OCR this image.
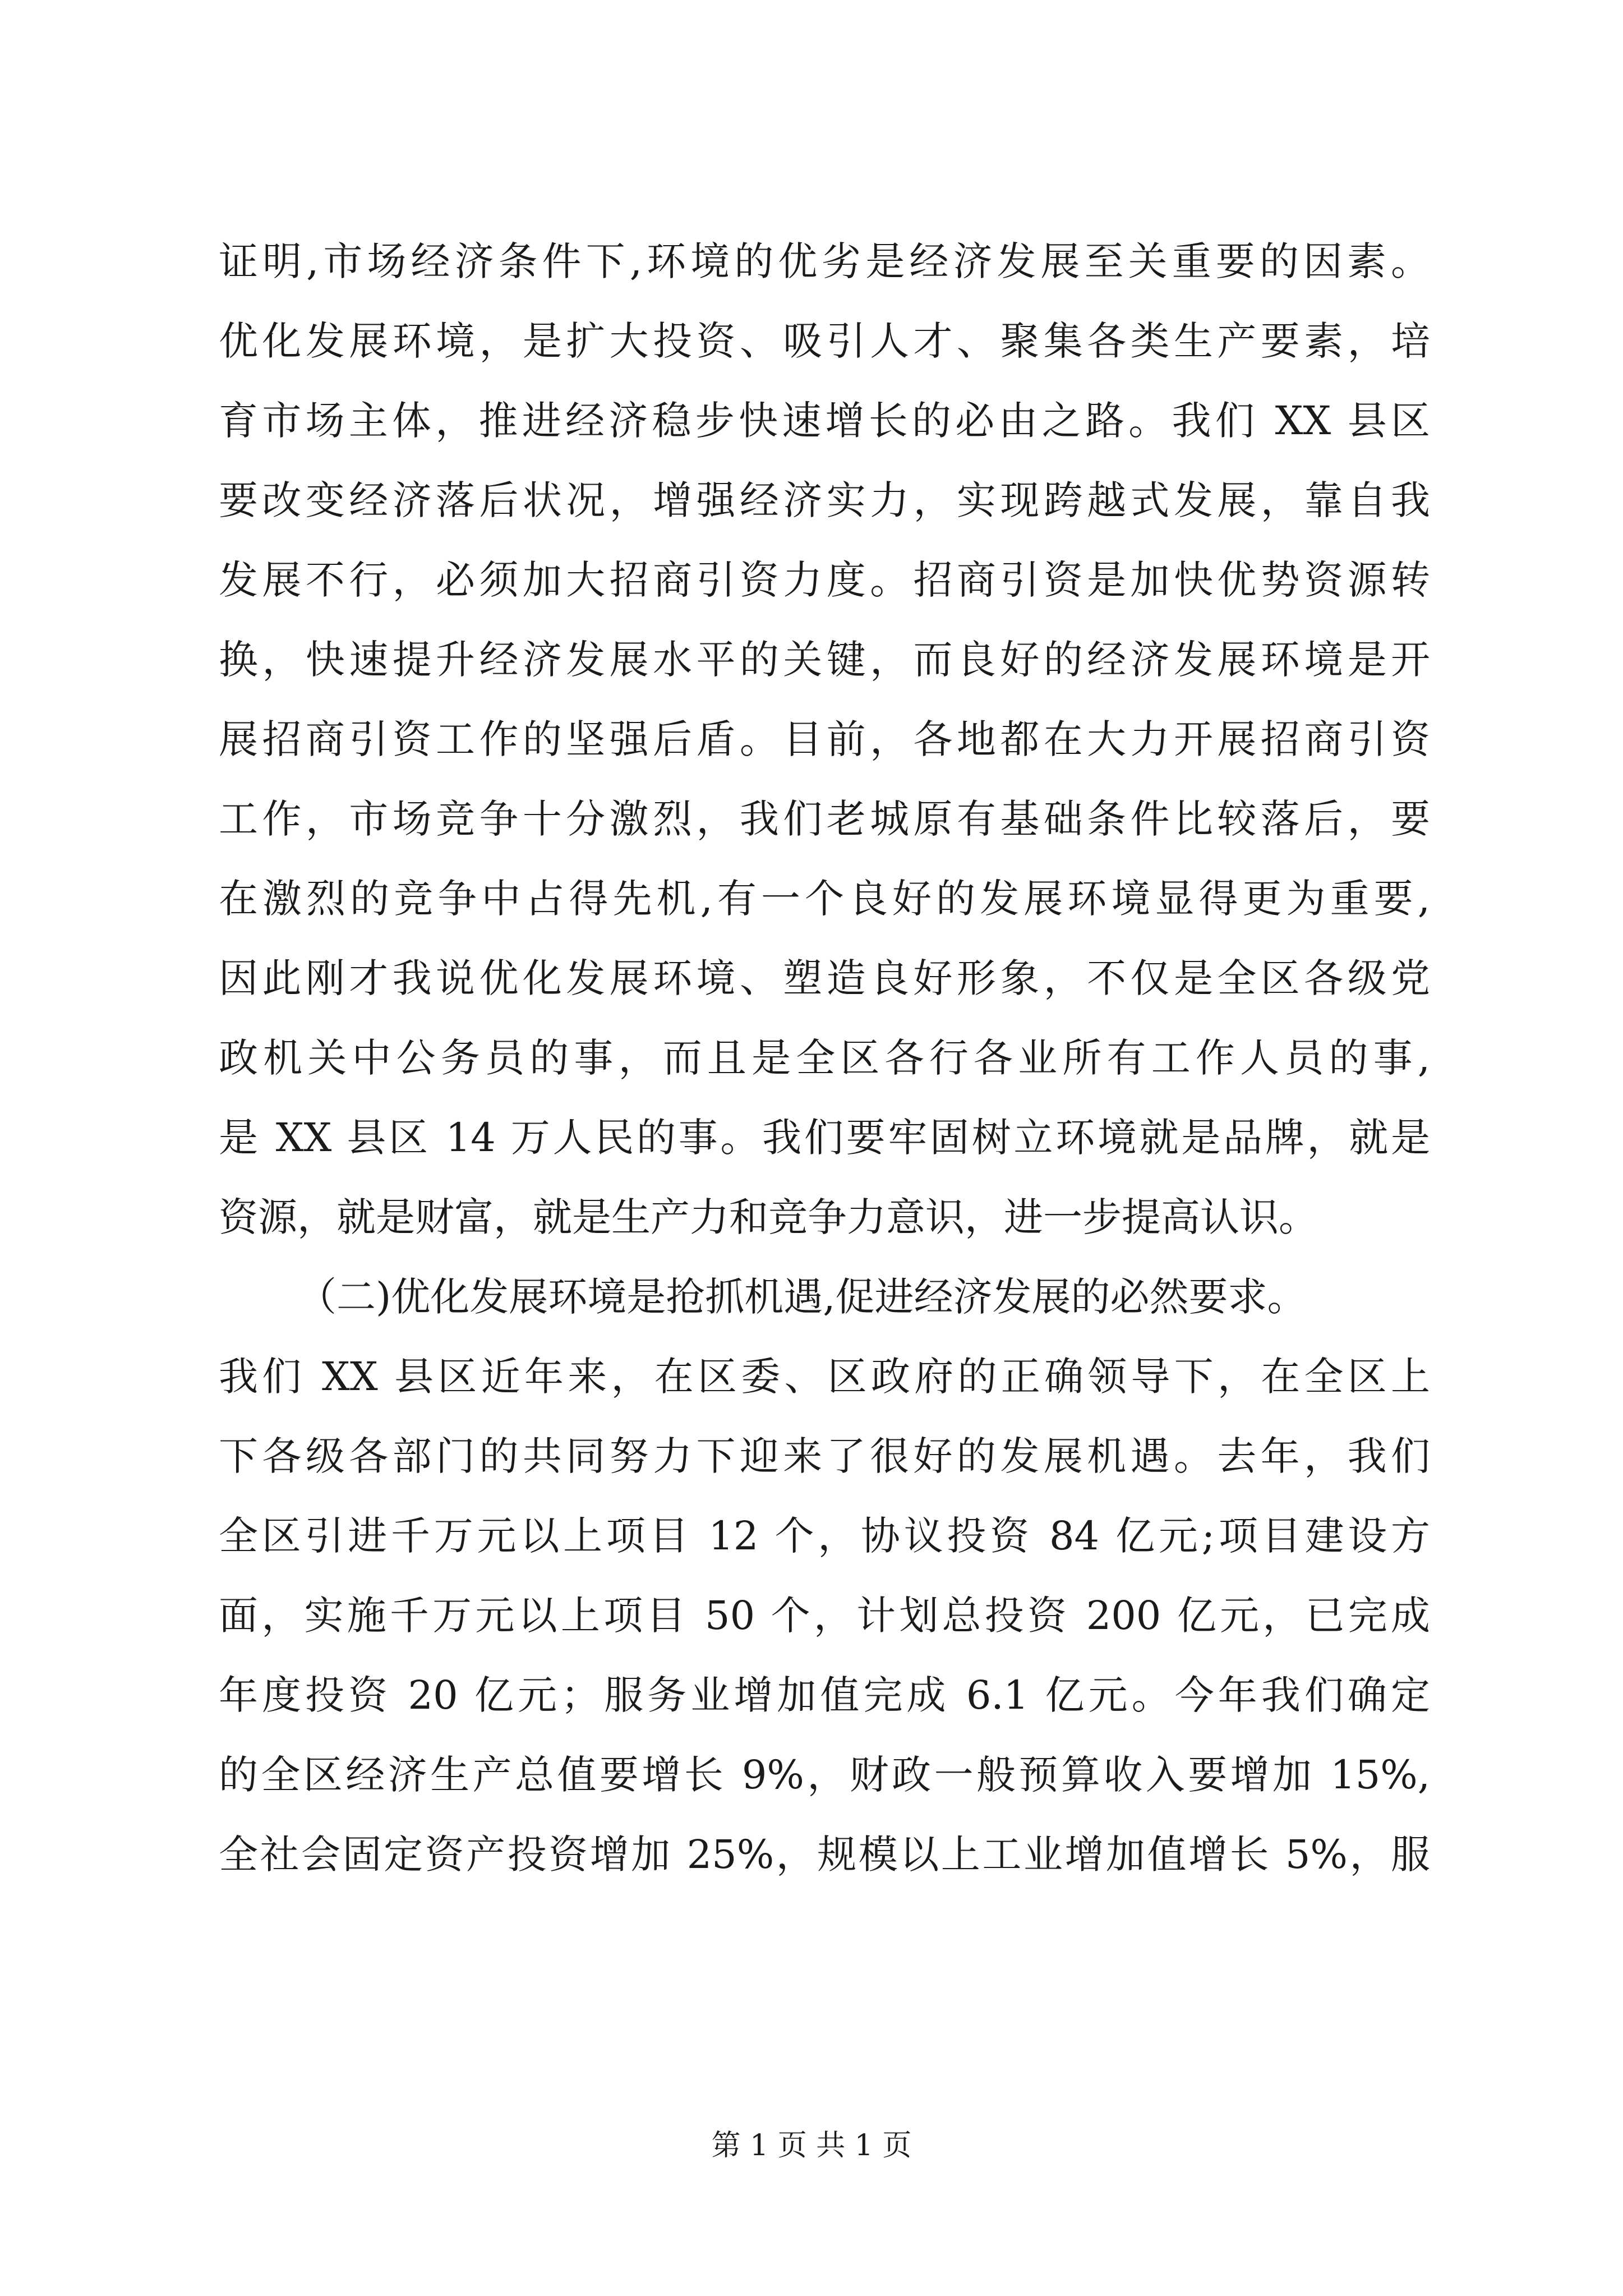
证明,市场经济条件下,环境的优劣是经济发展至关重要的因素。
优化发展环境，是扩大投资、吸引人才、聚集各类生产要素，培
育市场主体，推进经济稳步快速增长的必由之路。我们 XX 县区
要改变经济落后状况，增强经济实力，实现跨越式发展，靠自我
发展不行，必须加大招商引资力度。招商引资是加快优势资源转
换，快速提升经济发展水平的关键，而良好的经济发展环境是开
展招商引资工作的坚强后盾。目前，各地都在大力开展招商引资
工作，市场竞争十分激烈，我们老城原有基础条件比较落后，要
在激烈的竞争中占得先机,有一个良好的发展环境显得更为重要,
因此刚才我说优化发展环境、塑造良好形象，不仅是全区各级党
政机关中公务员的事，而且是全区各行各业所有工作人员的事,
是 XX 县区 14 万人民的事。我们要牢固树立环境就是品牌，就是
资源，就是财富，就是生产力和竞争力意识，进一步提高认识。
（二)优化发展环境是抢抓机遇,促进经济发展的必然要求。
我们 XX 县区近年来，在区委、区政府的正确领导下，在全区上
下各级各部门的共同努力下迎来了很好的发展机遇。去年，我们
全区引进千万元以上项目 12 个，协议投资 84 亿元;项目建设方
面，实施千万元以上项目 50 个，计划总投资 200 亿元，已完成
年度投资 20 亿元；服务业增加值完成 6.1 亿元。今年我们确定
的全区经济生产总值要增长 9%，财政一般预算收入要增加 15%,
全社会固定资产投资增加 25%，规模以上工业增加值增长 5%，服
第 1 页 共 1 页
